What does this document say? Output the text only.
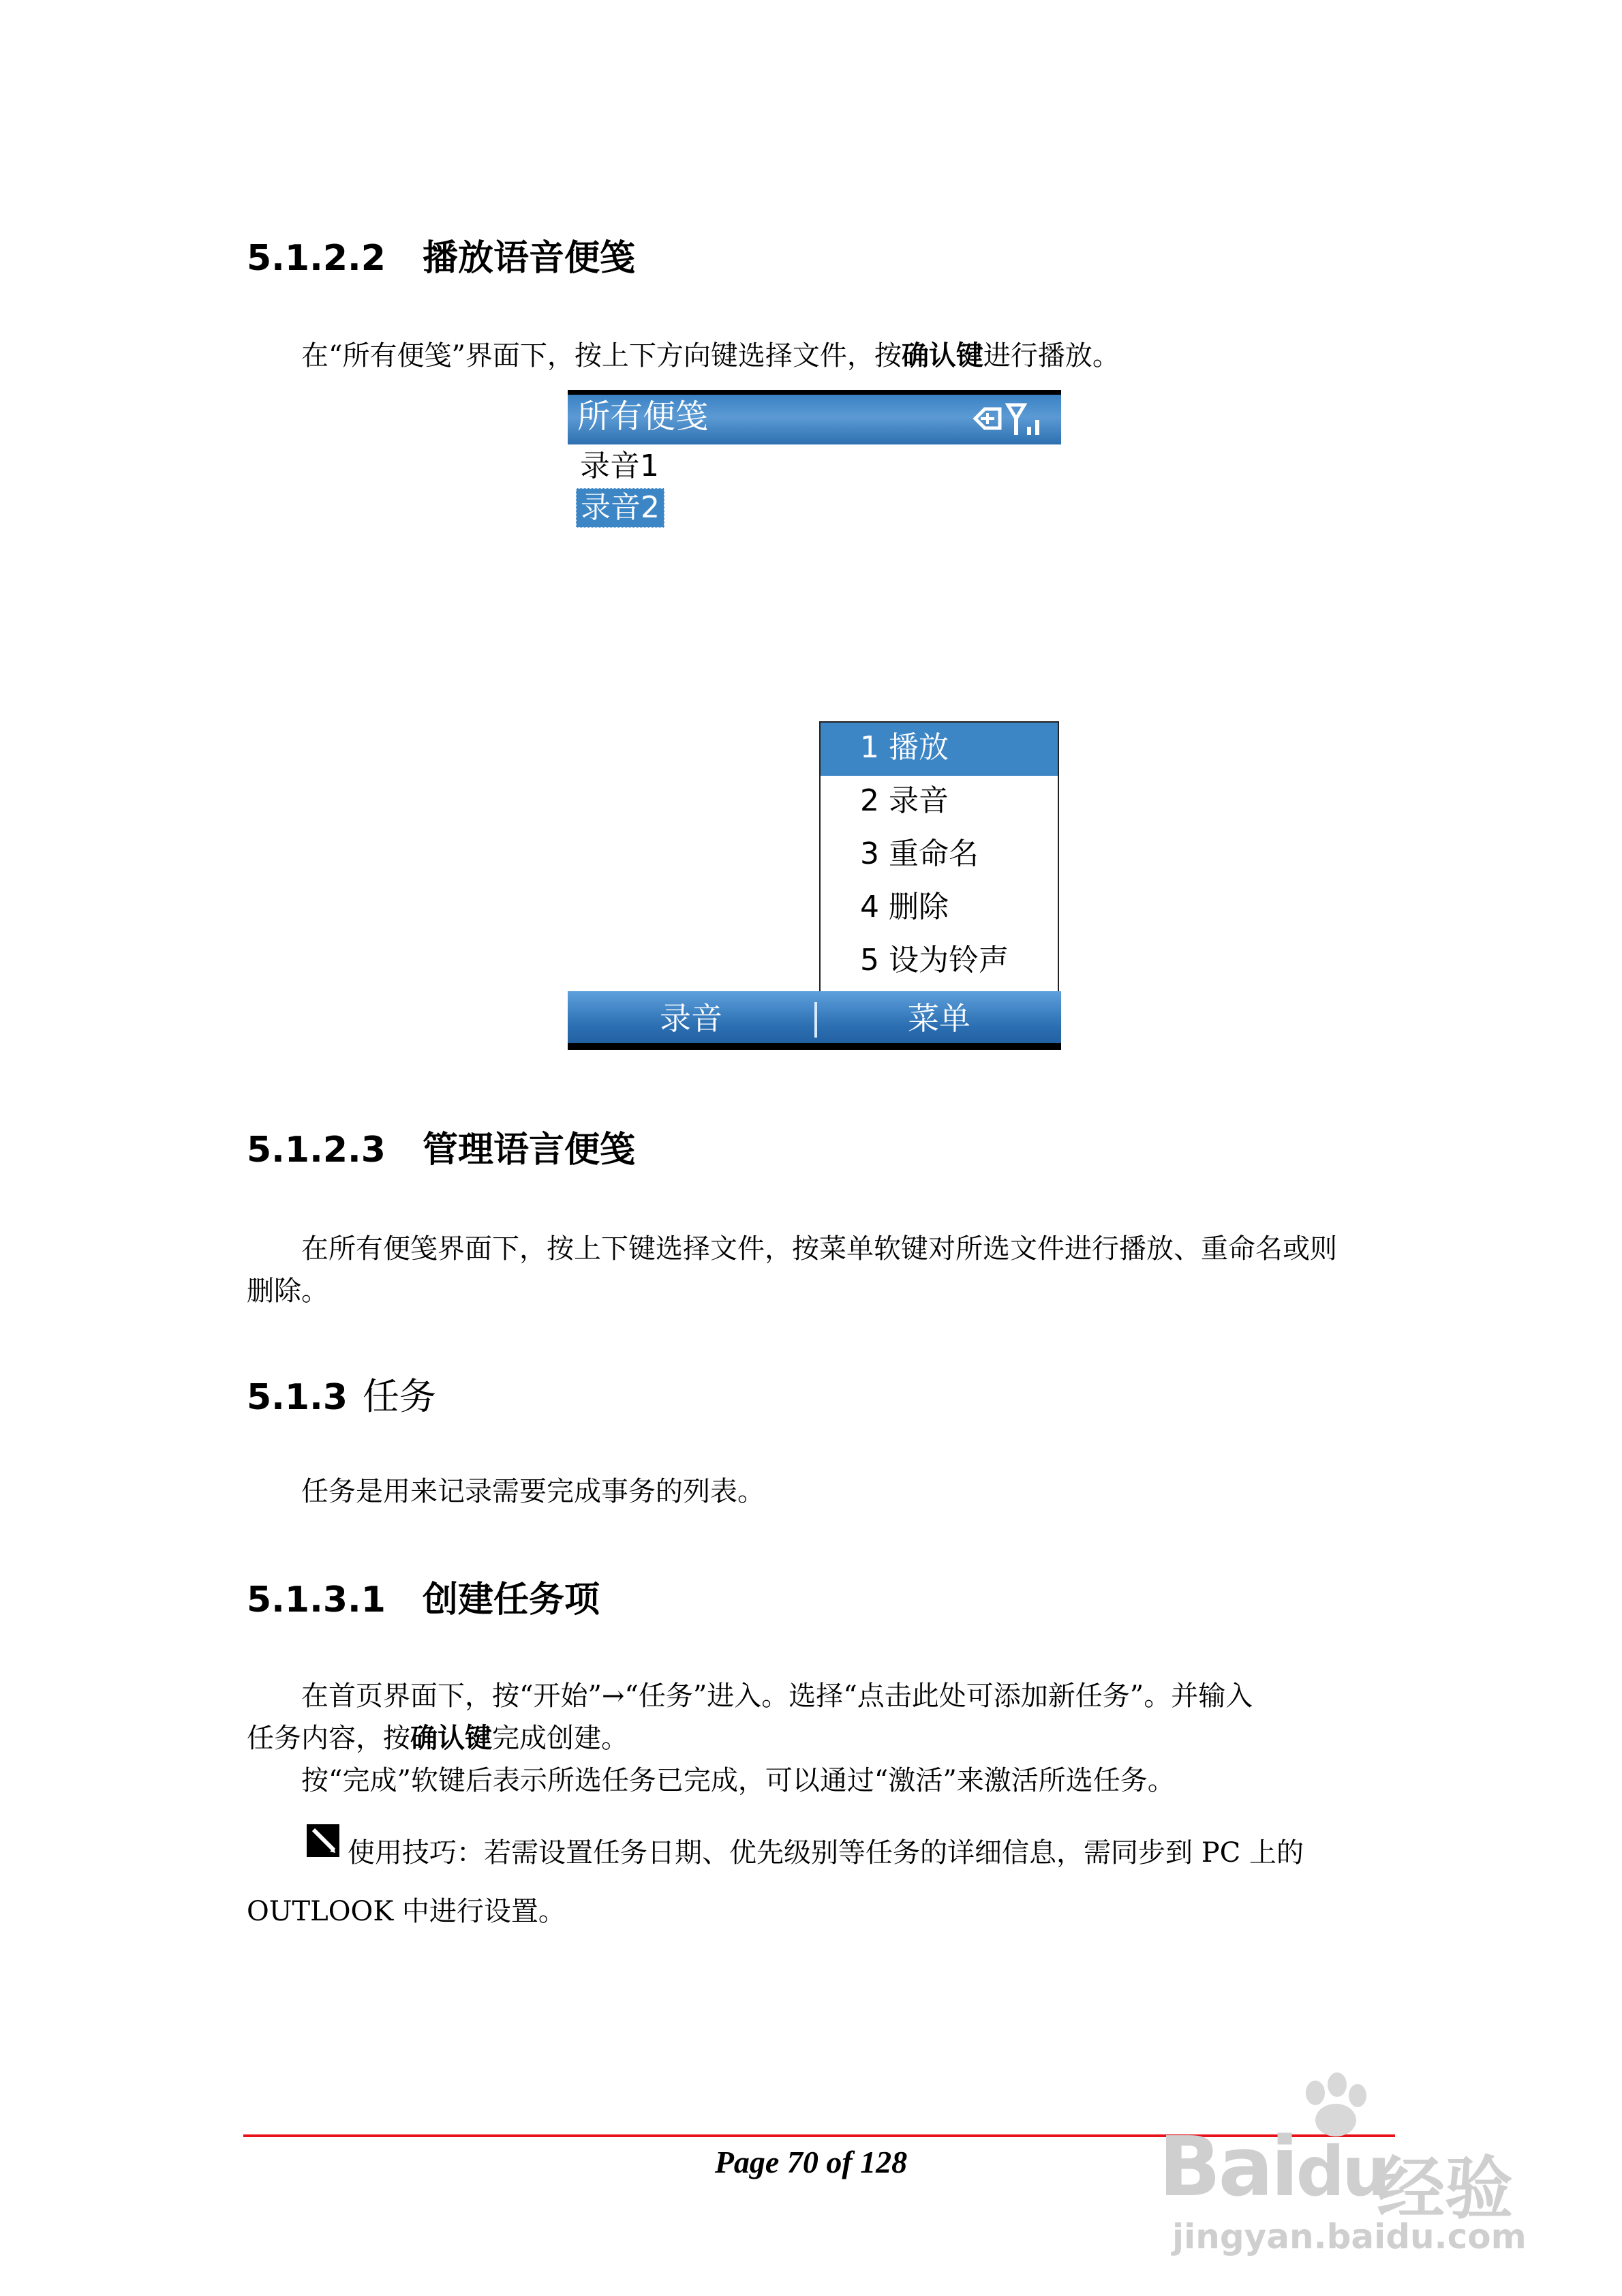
5.1.2.2 播放语音便笺
在“所有便笺”界面下，按上下方向键选择文件，按确认键进行播放。
所有便笺
录音1
录音2
1 播放
2 录音
3 重命名
4 删除
5 设为铃声
录音	菜单
5.1.2.3 管理语言便笺
在所有便笺界面下，按上下键选择文件，按菜单软键对所选文件进行播放、重命名或则
删除。
5.1.3 任务
任务是用来记录需要完成事务的列表。
5.1.3.1 创建任务项
在首页界面下，按“开始”→“任务”进入。选择“点击此处可添加新任务”。并输入
任务内容，按确认键完成创建。
按“完成”软键后表示所选任务已完成，可以通过“激活”来激活所选任务。
使用技巧：若需设置任务日期、优先级别等任务的详细信息，需同步到 PC 上的
OUTLOOK 中进行设置。
Page 70 of 128	Baidu
经验
jingyan.baidu.com
